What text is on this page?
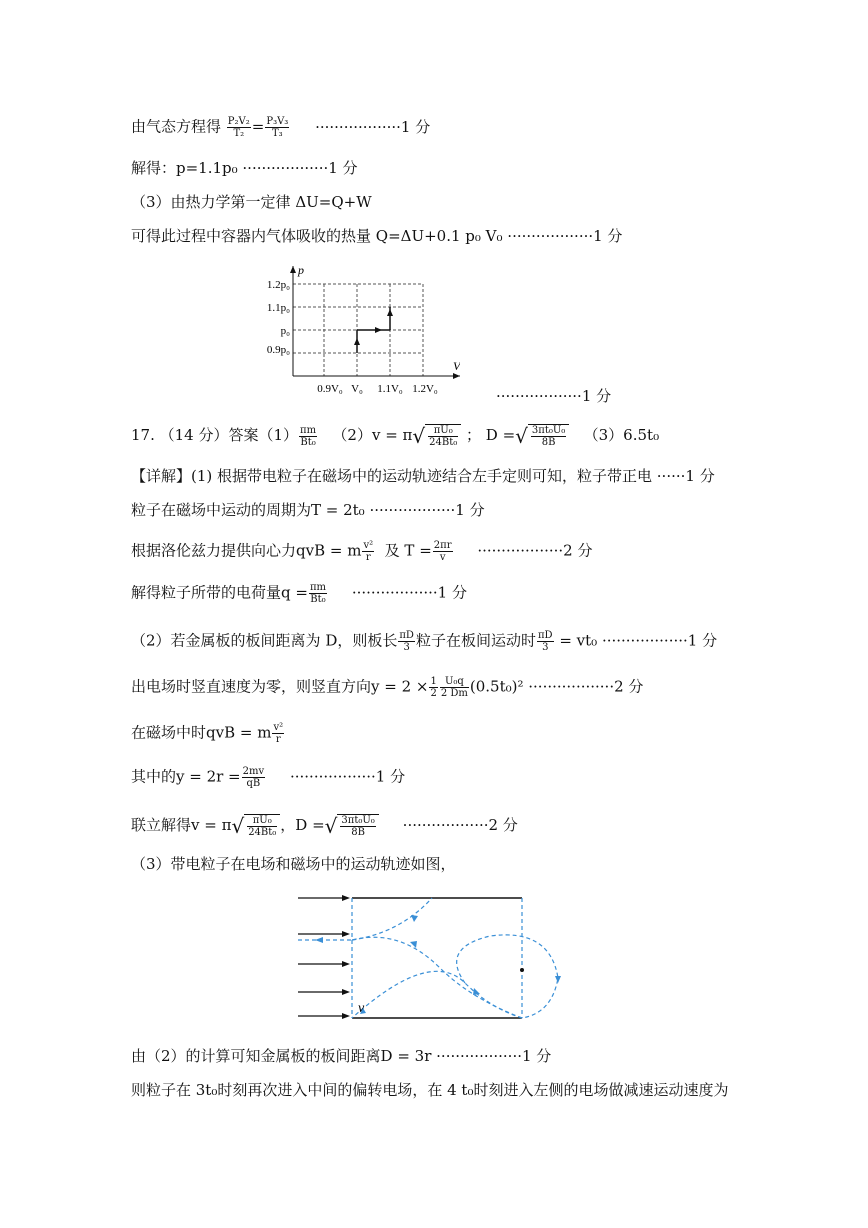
由气态方程得 $\frac{\text{P₂V₂}}{\text{T₂}} = \frac{\text{P₃V₃}}{\text{T₃}} \cdot\cdot\cdot\cdot\cdot\cdot\cdot\cdot\cdot\cdot\cdot\cdot\cdot\cdot\cdot\cdot\cdot\cdot 1$ 分
解得：p=1.1p₀ ··················1 分
（3）由热力学第一定律 ΔU=Q+W
可得此过程中容器内气体吸收的热量 Q=ΔU+0.1 p₀ V₀ ··················1 分
p
V
1.2p₀
1.1p₀
p₀
0.9p₀
0.9V₀ V₀ 1.1V₀ 1.2V₀	··················1 分
17. （14 分）答案$(1) \frac{\pi m}{\text{Bt₀}} (2)v = \pi√ \frac{\text{πU₀}}{\text{24Bt₀}}$ ； D =√ $\frac{\text{3πt₀U₀}}{8B} (3)6.5t_0$
【详解】(1) 根据带电粒子在磁场中的运动轨迹结合左手定则可知，粒子带正电 ······1 分
粒子在磁场中运动的周期为T = 2t₀ ··················1 分
根据洛伦兹力提供向心力qvB = m $\frac{\text{v²}}{r}$ 及 $T = \frac{2\pi r}{v} \cdot\cdot\cdot\cdot\cdot\cdot\cdot\cdot\cdot\cdot\cdot\cdot\cdot\cdot\cdot\cdot\cdot\cdot 2$ 分
解得粒子所带的电荷量$q = \frac{\pi m}{\text{Bt₀}} \cdot\cdot\cdot\cdot\cdot\cdot\cdot\cdot\cdot\cdot\cdot\cdot\cdot\cdot\cdot\cdot\cdot\cdot 1$ 分
（2）若金属板的板间距离为 D，则板长 $\frac{\pi D}{3}$ 粒子在板间运动时 $\frac{\pi D}{3} = vt_0 \cdot\cdot\cdot\cdot\cdot\cdot\cdot\cdot\cdot\cdot\cdot\cdot\cdot\cdot\cdot\cdot\cdot\cdot 1$ 分
出电场时竖直速度为零，则竖直方向$y = 2 \times \frac{1}{2} \frac{\text{U₀q}}{2 Dm} (0.5t_0)^2 \cdot\cdot\cdot\cdot\cdot\cdot\cdot\cdot\cdot\cdot\cdot\cdot\cdot\cdot\cdot\cdot\cdot\cdot 2$ 分
在磁场中时qvB = m $\frac{\text{v²}}{r}$
其中的$y = 2r = \frac{2mv}{qB} \cdot\cdot\cdot\cdot\cdot\cdot\cdot\cdot\cdot\cdot\cdot\cdot\cdot\cdot\cdot\cdot\cdot\cdot 1$ 分
联立解得$v = \pi√ \frac{\text{πU₀}}{\text{24Bt₀}}$ ，D =√ $\frac{\text{3πt₀U₀}}{8B} \cdot\cdot\cdot\cdot\cdot\cdot\cdot\cdot\cdot\cdot\cdot\cdot\cdot\cdot\cdot\cdot\cdot\cdot 2$ 分
（3）带电粒子在电场和磁场中的运动轨迹如图，
v
由（2）的计算可知金属板的板间距离D = 3r ··················1 分
则粒子在 3t₀时刻再次进入中间的偏转电场，在 4 t₀时刻进入左侧的电场做减速运动速度为
